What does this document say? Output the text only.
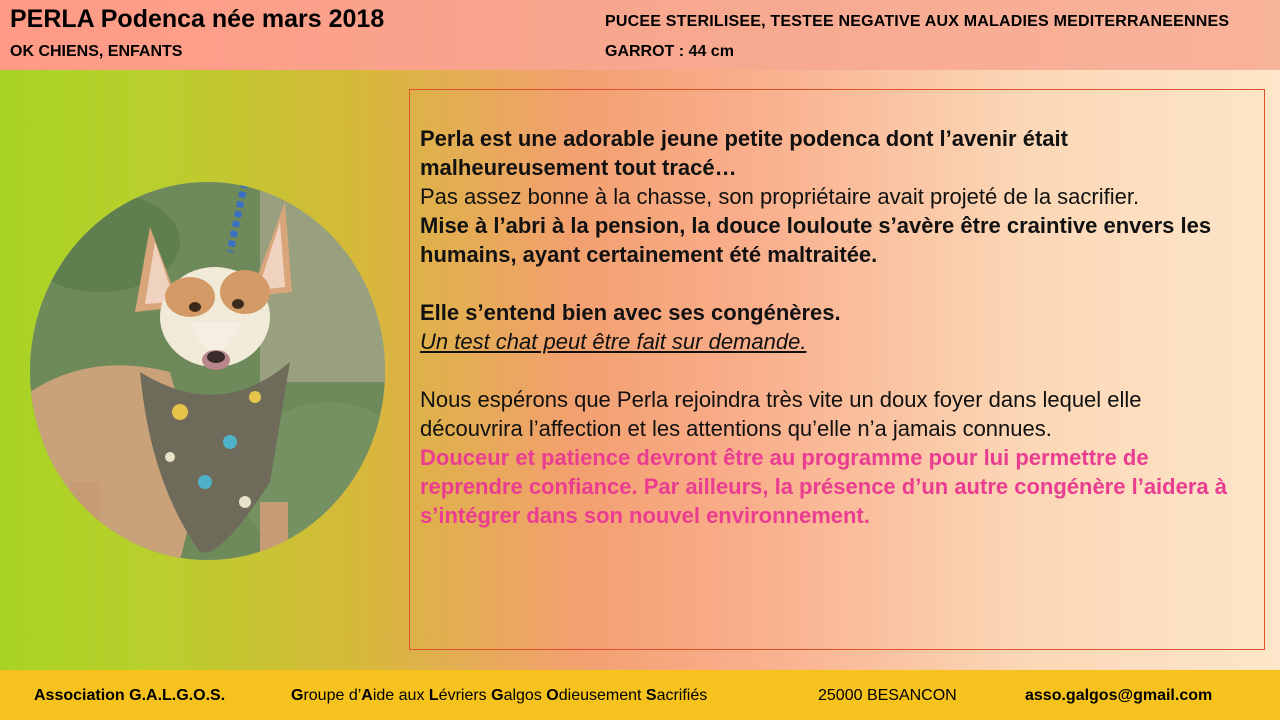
PERLA Podenca née mars 2018
OK CHIENS, ENFANTS
PUCEE STERILISEE, TESTEE NEGATIVE AUX MALADIES MEDITERRANEENNES
GARROT : 44 cm

Perla est une adorable jeune petite podenca dont l’avenir était malheureusement tout tracé…

Pas assez bonne à la chasse, son propriétaire avait projeté de la sacrifier.

Mise à l’abri à la pension, la douce louloute s’avère être craintive envers les humains, ayant certainement été maltraitée.

Elle s’entend bien avec ses congénères.

Un test chat peut être fait sur demande.

Nous espérons que Perla rejoindra très vite un doux foyer dans lequel elle découvrira l’affection et les attentions qu’elle n’a jamais connues.

Douceur et patience devront être au programme pour lui permettre de reprendre confiance. Par ailleurs, la présence d’un autre congénère l’aidera à s’intégrer dans son nouvel environnement.

Association G.A.L.G.O.S.	Groupe d’Aide aux Lévriers Galgos Odieusement Sacrifiés	25000 BESANCON	asso.galgos@gmail.com
